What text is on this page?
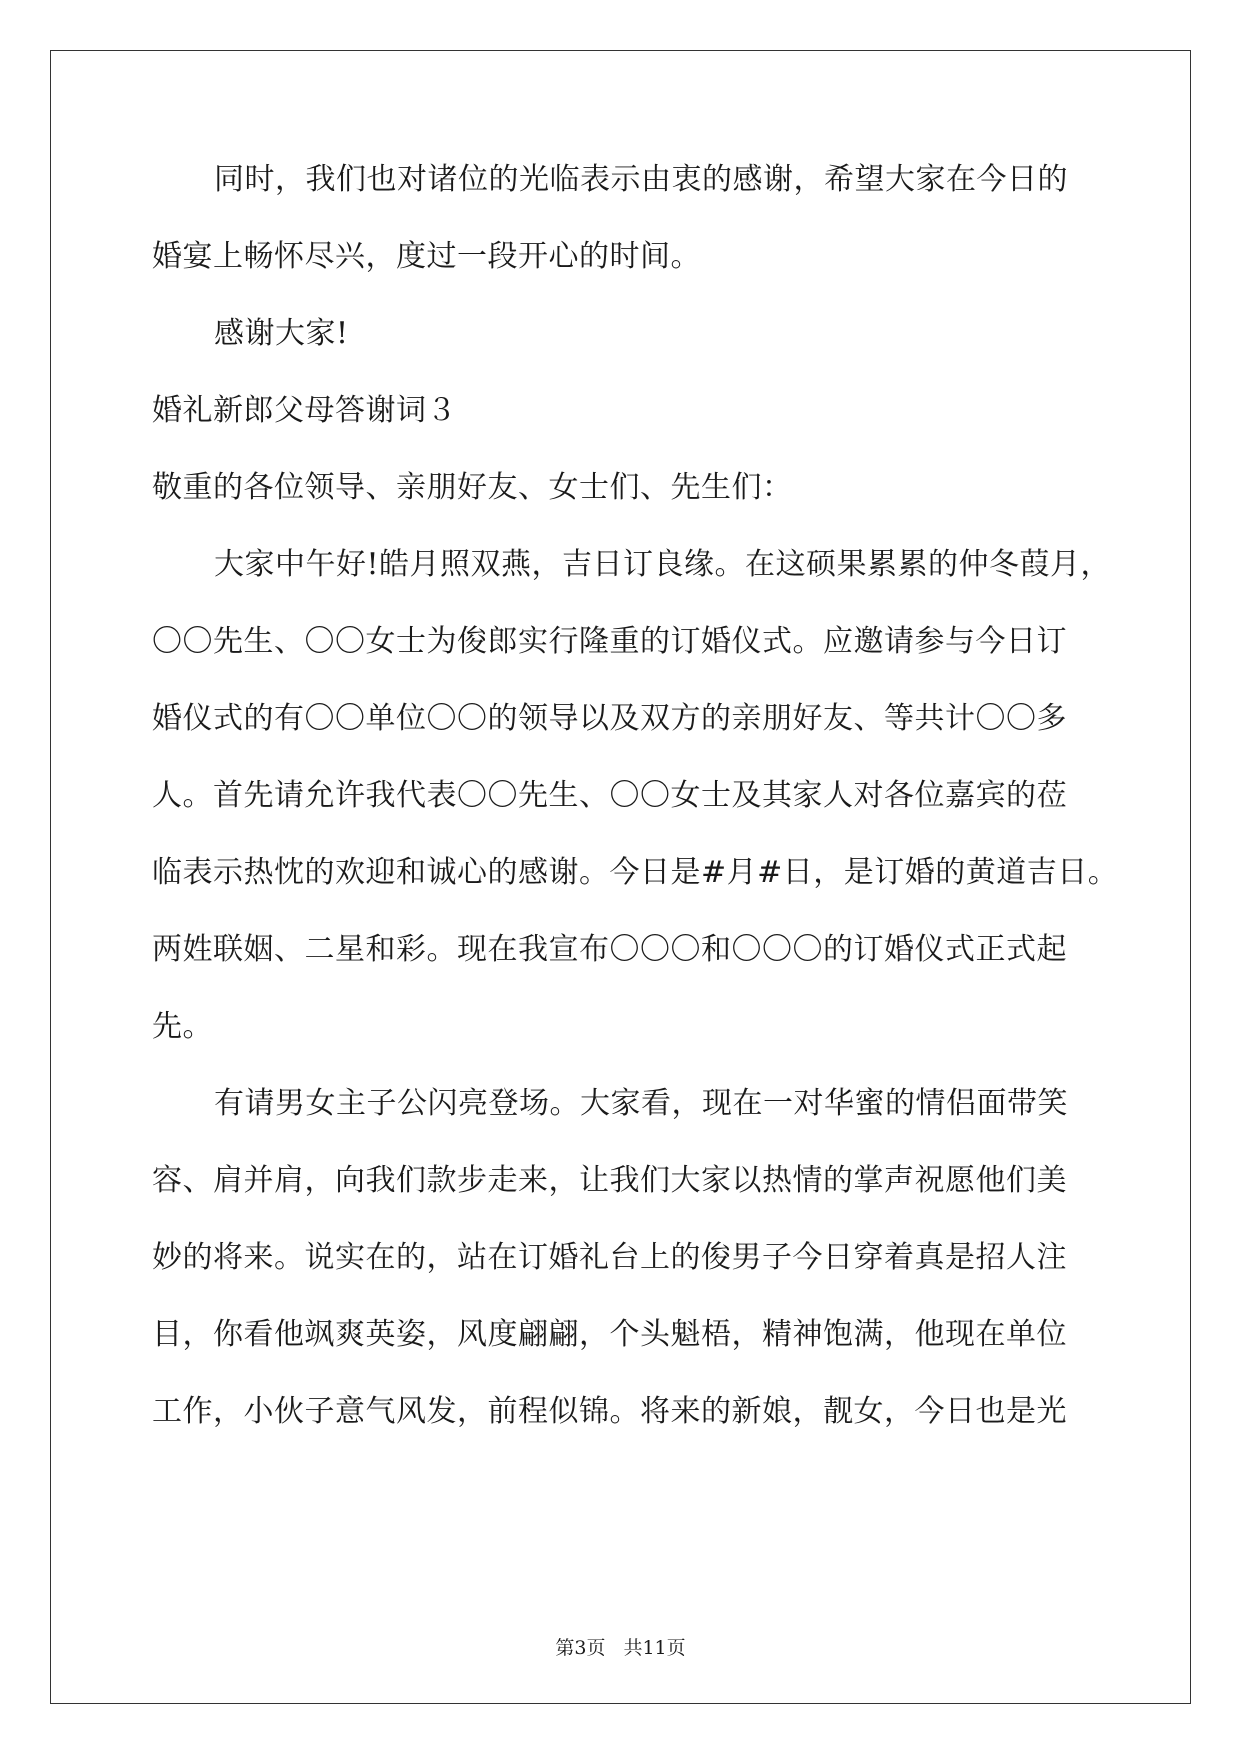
同时，我们也对诸位的光临表示由衷的感谢，希望大家在今日的
婚宴上畅怀尽兴，度过一段开心的时间。
感谢大家!
婚礼新郎父母答谢词３
敬重的各位领导、亲朋好友、女士们、先生们：
大家中午好!皓月照双燕，吉日订良缘。在这硕果累累的仲冬葭月，
〇〇先生、〇〇女士为俊郎实行隆重的订婚仪式。应邀请参与今日订
婚仪式的有〇〇单位〇〇的领导以及双方的亲朋好友、等共计〇〇多
人。首先请允许我代表〇〇先生、〇〇女士及其家人对各位嘉宾的莅
临表示热忱的欢迎和诚心的感谢。今日是#月#日，是订婚的黄道吉日。
两姓联姻、二星和彩。现在我宣布〇〇〇和〇〇〇的订婚仪式正式起
先。
有请男女主子公闪亮登场。大家看，现在一对华蜜的情侣面带笑
容、肩并肩，向我们款步走来，让我们大家以热情的掌声祝愿他们美
妙的将来。说实在的，站在订婚礼台上的俊男子今日穿着真是招人注
目，你看他飒爽英姿，风度翩翩，个头魁梧，精神饱满，他现在单位
工作，小伙子意气风发，前程似锦。将来的新娘，靓女，今日也是光
第3页 共11页
